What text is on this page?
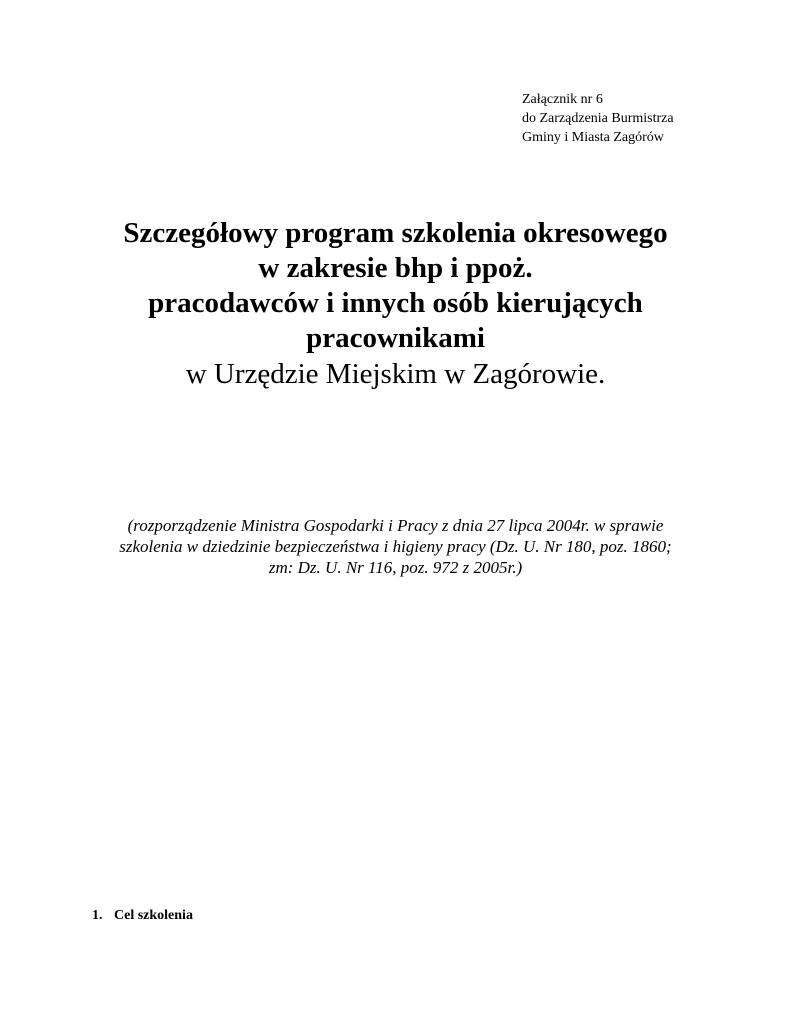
Załącznik nr 6
do Zarządzenia Burmistrza
Gminy i Miasta Zagórów
Szczegółowy program szkolenia okresowego
w zakresie bhp i ppoż.
pracodawców i innych osób kierujących
pracownikami
w Urzędzie Miejskim w Zagórowie.
(rozporządzenie Ministra Gospodarki i Pracy z dnia 27 lipca 2004r. w sprawie
szkolenia w dziedzinie bezpieczeństwa i higieny pracy (Dz. U. Nr 180, poz. 1860;
zm: Dz. U. Nr 116, poz. 972 z 2005r.)
1. Cel szkolenia
